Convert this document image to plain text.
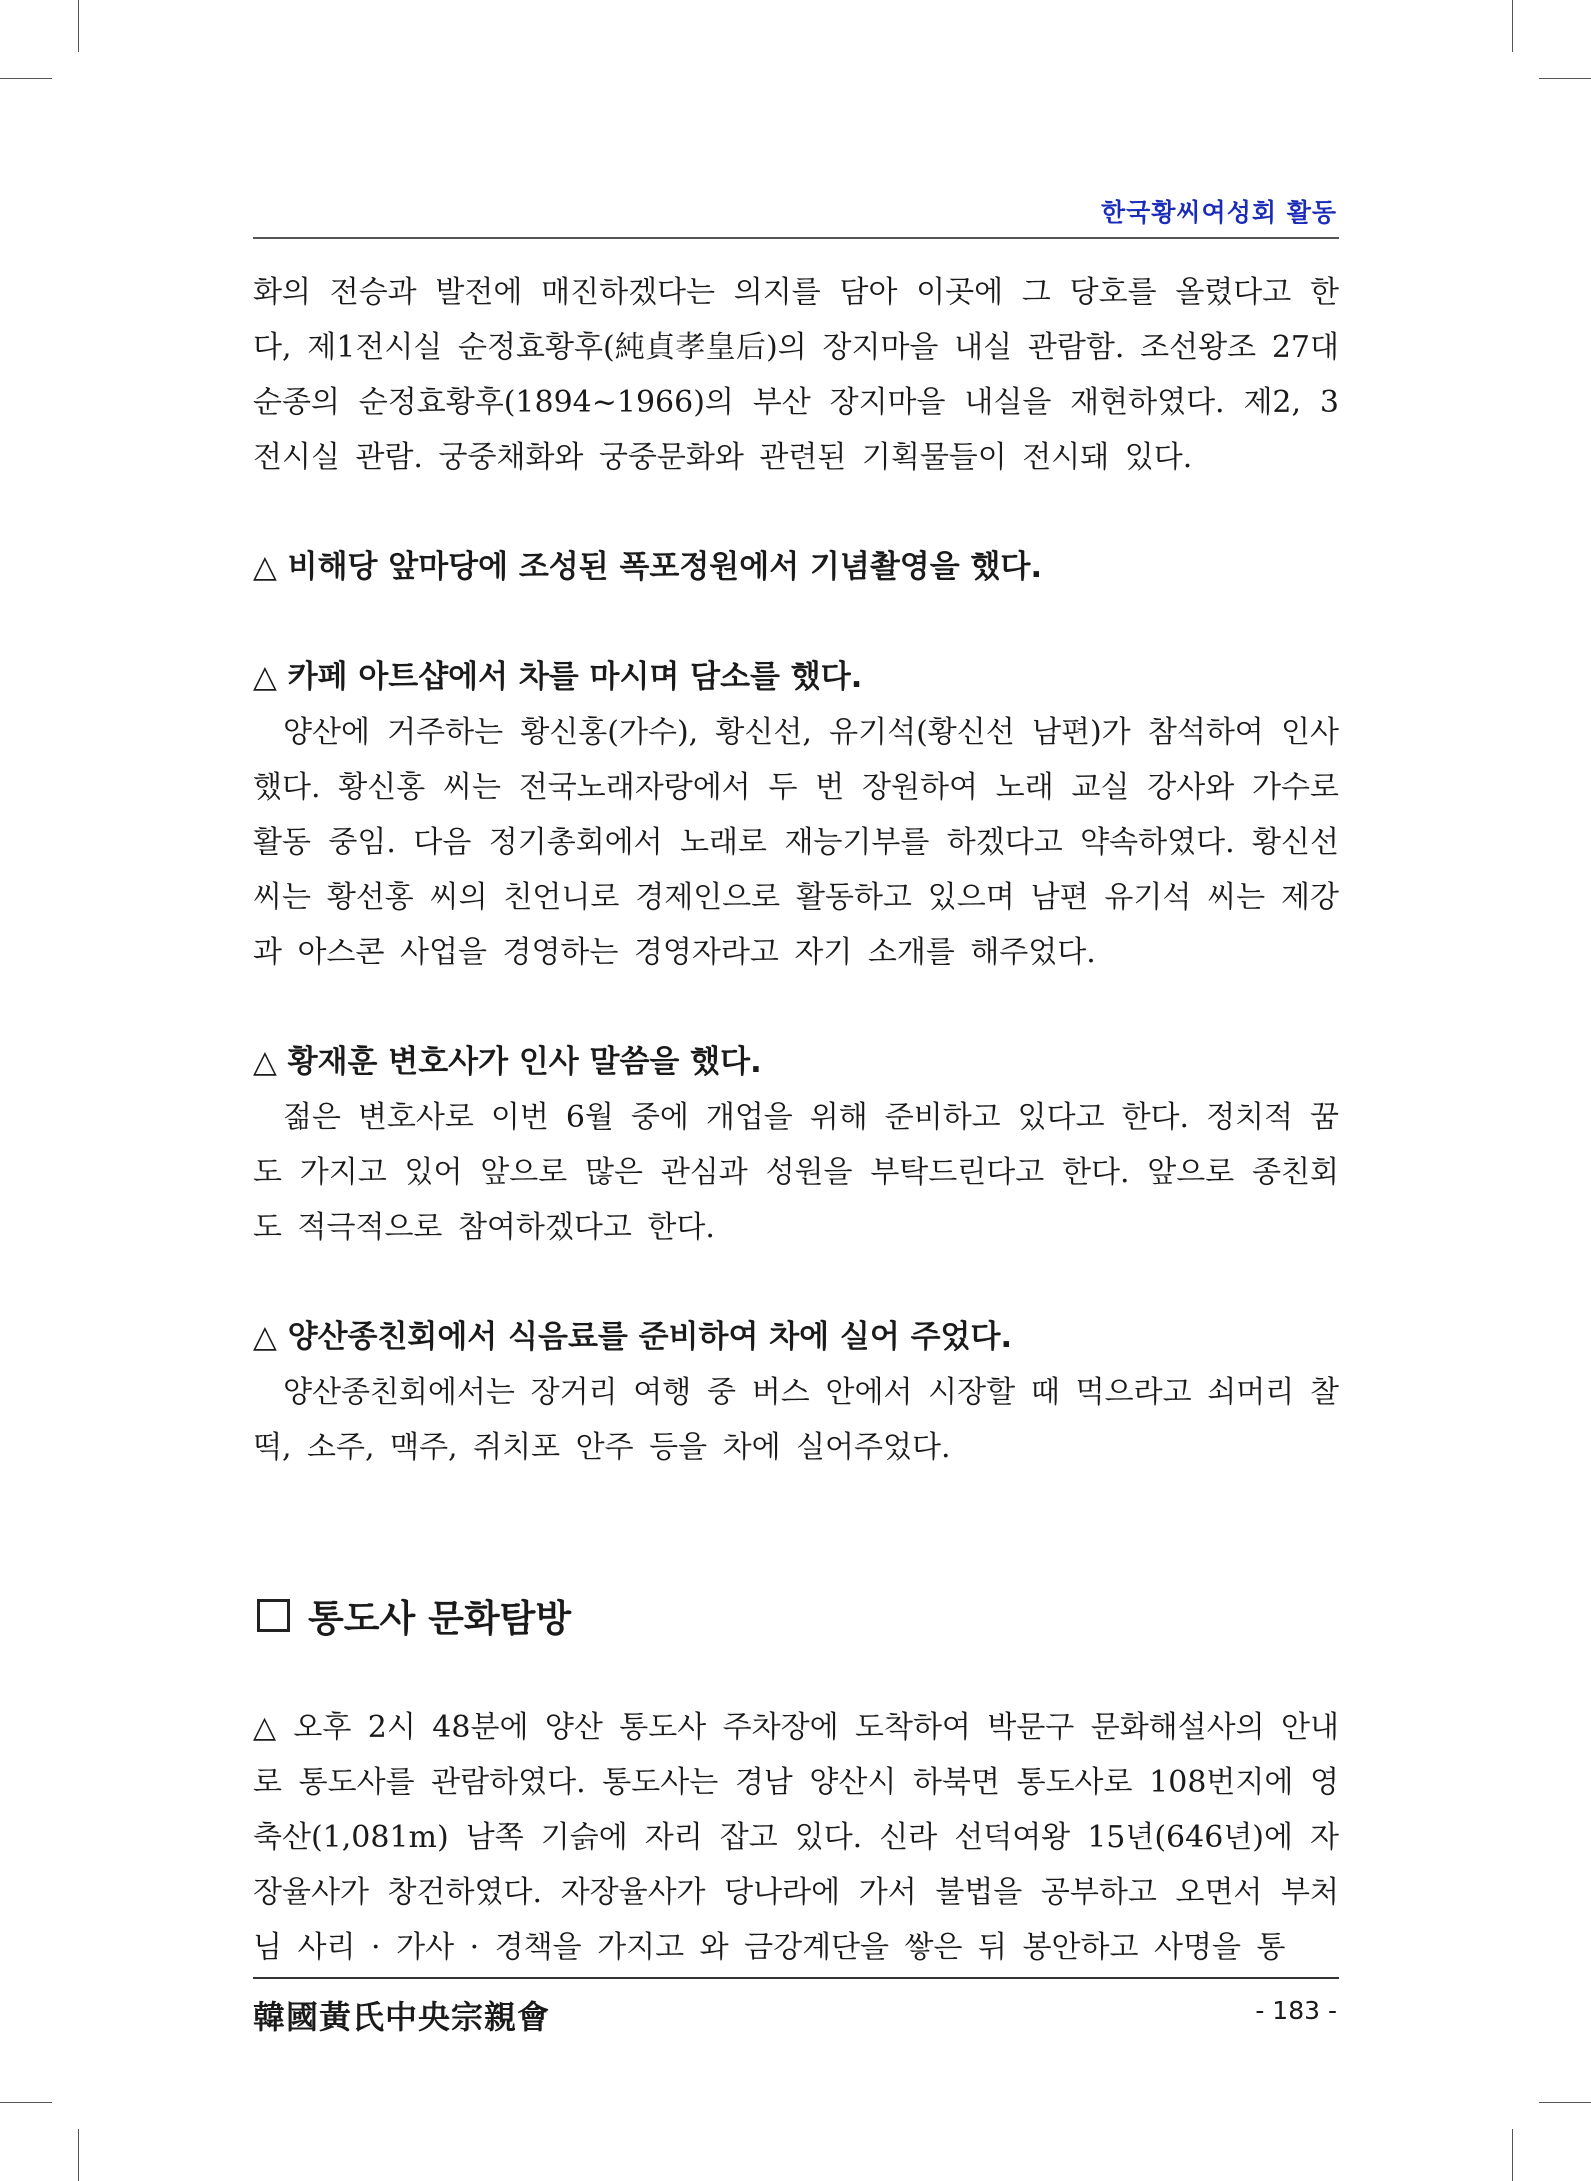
한국황씨여성회 활동

화의 전승과 발전에 매진하겠다는 의지를 담아 이곳에 그 당호를 올렸다고 한다, 제1전시실 순정효황후(純貞孝皇后)의 장지마을 내실 관람함. 조선왕조 27대 순종의 순정효황후(1894~1966)의 부산 장지마을 내실을 재현하였다. 제2, 3전시실 관람. 궁중채화와 궁중문화와 관련된 기획물들이 전시돼 있다.

△ 비해당 앞마당에 조성된 폭포정원에서 기념촬영을 했다.

△ 카페 아트샵에서 차를 마시며 담소를 했다.

양산에 거주하는 황신홍(가수), 황신선, 유기석(황신선 남편)가 참석하여 인사했다. 황신홍 씨는 전국노래자랑에서 두 번 장원하여 노래 교실 강사와 가수로 활동 중임. 다음 정기총회에서 노래로 재능기부를 하겠다고 약속하였다. 황신선 씨는 황선홍 씨의 친언니로 경제인으로 활동하고 있으며 남편 유기석 씨는 제강과 아스콘 사업을 경영하는 경영자라고 자기 소개를 해주었다.

△ 황재훈 변호사가 인사 말씀을 했다.

젊은 변호사로 이번 6월 중에 개업을 위해 준비하고 있다고 한다. 정치적 꿈도 가지고 있어 앞으로 많은 관심과 성원을 부탁드린다고 한다. 앞으로 종친회도 적극적으로 참여하겠다고 한다.

△ 양산종친회에서 식음료를 준비하여 차에 실어 주었다.

양산종친회에서는 장거리 여행 중 버스 안에서 시장할 때 먹으라고 쇠머리 찰떡, 소주, 맥주, 쥐치포 안주 등을 차에 실어주었다.

통도사 문화탐방

△ 오후 2시 48분에 양산 통도사 주차장에 도착하여 박문구 문화해설사의 안내로 통도사를 관람하였다. 통도사는 경남 양산시 하북면 통도사로 108번지에 영축산(1,081m) 남쪽 기슭에 자리 잡고 있다. 신라 선덕여왕 15년(646년)에 자장율사가 창건하였다. 자장율사가 당나라에 가서 불법을 공부하고 오면서 부처님 사리 · 가사 · 경책을 가지고 와 금강계단을 쌓은 뒤 봉안하고 사명을 통

韓國黃氏中央宗親會	- 183 -
